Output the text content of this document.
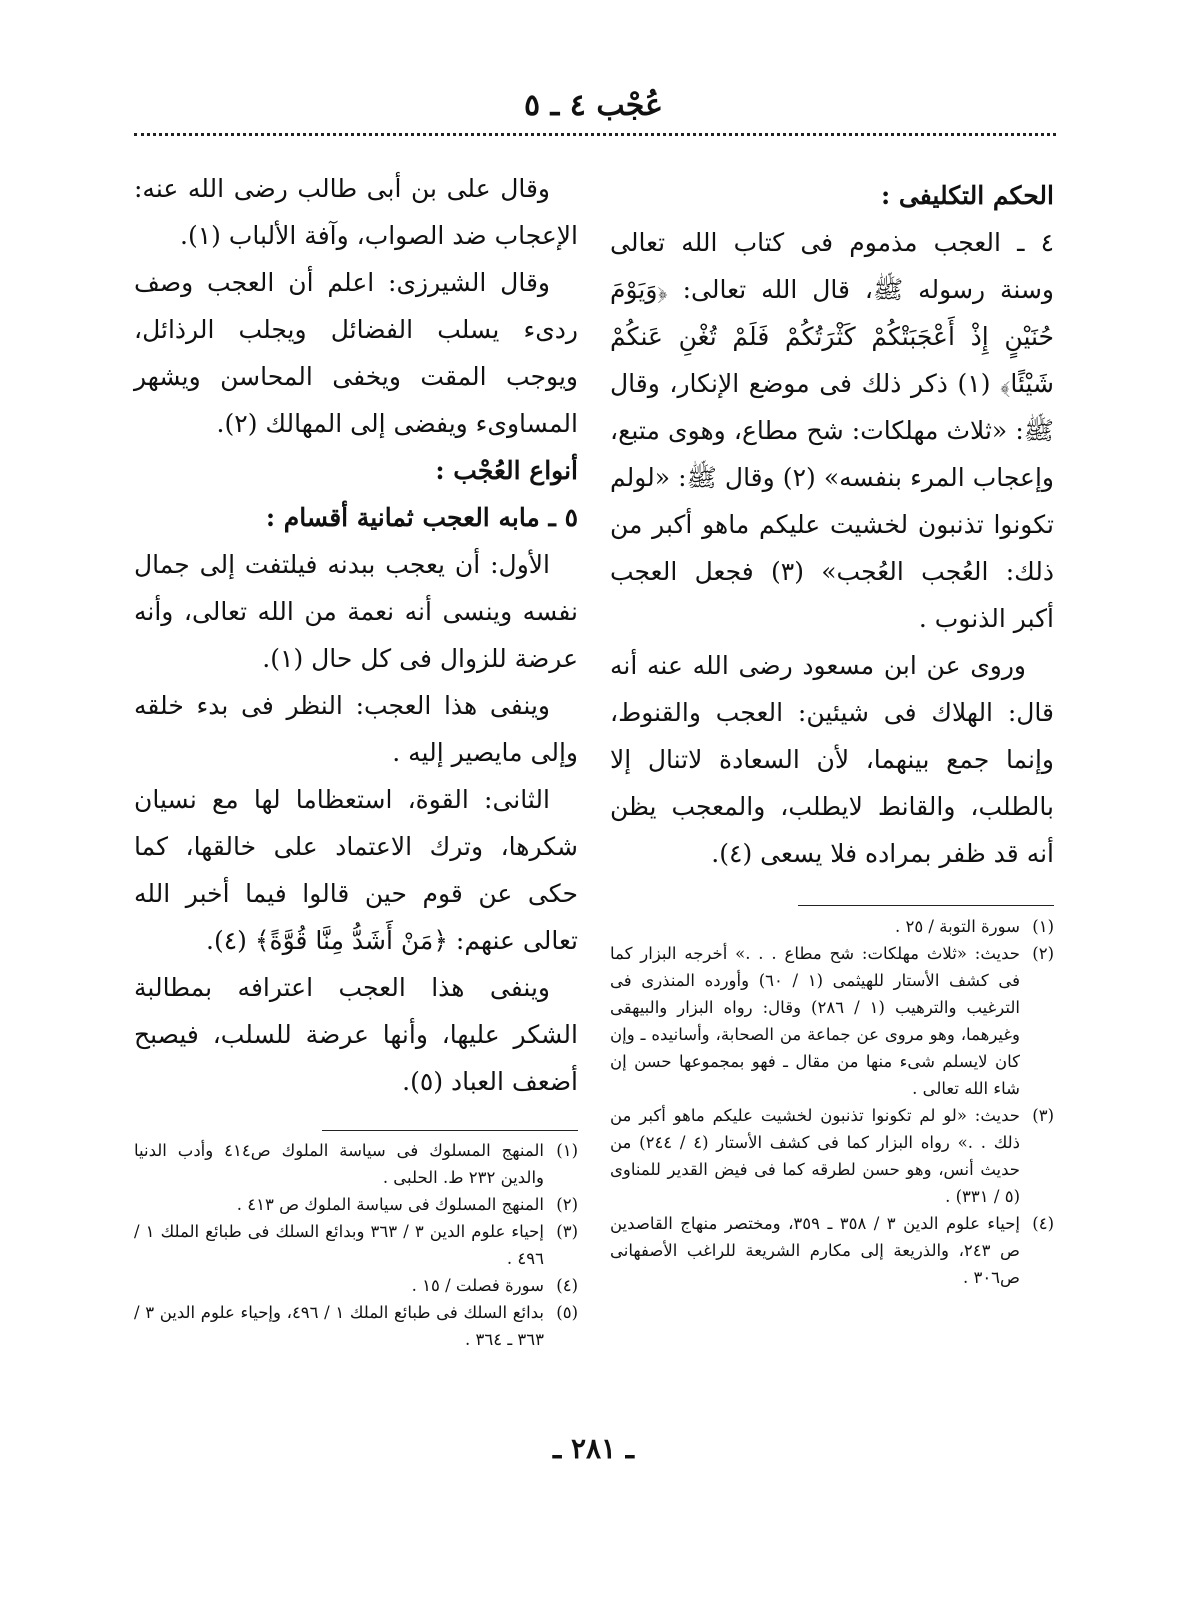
عُجْب ٤ ـ ٥

الحكم التكليفى :

٤ ـ العجب مذموم فى كتاب الله تعالى وسنة رسوله ﷺ، قال الله تعالى: ﴿وَيَوْمَ حُنَيْنٍ إِذْ أَعْجَبَتْكُمْ كَثْرَتُكُمْ فَلَمْ تُغْنِ عَنكُمْ شَيْئًا﴾ (١) ذكر ذلك فى موضع الإنكار، وقال ﷺ: «ثلاث مهلكات: شح مطاع، وهوى متبع، وإعجاب المرء بنفسه» (٢) وقال ﷺ: «لولم تكونوا تذنبون لخشيت عليكم ماهو أكبر من ذلك: العُجب العُجب» (٣) فجعل العجب أكبر الذنوب .

وروى عن ابن مسعود رضى الله عنه أنه قال: الهلاك فى شيئين: العجب والقنوط، وإنما جمع بينهما، لأن السعادة لاتنال إلا بالطلب، والقانط لايطلب، والمعجب يظن أنه قد ظفر بمراده فلا يسعى (٤).

(١)
سورة التوبة / ٢٥ .
(٢)
حديث: «ثلاث مهلكات: شح مطاع . . .» أخرجه البزار كما فى كشف الأستار للهيثمى (١ / ٦٠) وأورده المنذرى فى الترغيب والترهيب (١ / ٢٨٦) وقال: رواه البزار والبيهقى وغيرهما، وهو مروى عن جماعة من الصحابة، وأسانيده ـ وإن كان لايسلم شىء منها من مقال ـ فهو بمجموعها حسن إن شاء الله تعالى .
(٣)
حديث: «لو لم تكونوا تذنبون لخشيت عليكم ماهو أكبر من ذلك . .» رواه البزار كما فى كشف الأستار (٤ / ٢٤٤) من حديث أنس، وهو حسن لطرقه كما فى فيض القدير للمناوى (٥ / ٣٣١) .
(٤)
إحياء علوم الدين ٣ / ٣٥٨ ـ ٣٥٩، ومختصر منهاج القاصدين ص ٢٤٣، والذريعة إلى مكارم الشريعة للراغب الأصفهانى ص٣٠٦ .

وقال على بن أبى طالب رضى الله عنه: الإعجاب ضد الصواب، وآفة الألباب (١).

وقال الشيرزى: اعلم أن العجب وصف ردىء يسلب الفضائل ويجلب الرذائل، ويوجب المقت ويخفى المحاسن ويشهر المساوىء ويفضى إلى المهالك (٢).

أنواع العُجْب :

٥ ـ مابه العجب ثمانية أقسام :

الأول: أن يعجب ببدنه فيلتفت إلى جمال نفسه وينسى أنه نعمة من الله تعالى، وأنه عرضة للزوال فى كل حال (١).

وينفى هذا العجب: النظر فى بدء خلقه وإلى مايصير إليه .

الثانى: القوة، استعظاما لها مع نسيان شكرها، وترك الاعتماد على خالقها، كما حكى عن قوم حين قالوا فيما أخبر الله تعالى عنهم: ﴿مَنْ أَشَدُّ مِنَّا قُوَّةً﴾ (٤).

وينفى هذا العجب اعترافه بمطالبة الشكر عليها، وأنها عرضة للسلب، فيصبح أضعف العباد (٥).

(١)
المنهج المسلوك فى سياسة الملوك ص٤١٤ وأدب الدنيا والدين ٢٣٢ ط. الحلبى .
(٢)
المنهج المسلوك فى سياسة الملوك ص ٤١٣ .
(٣)
إحياء علوم الدين ٣ / ٣٦٣ وبدائع السلك فى طبائع الملك ١ / ٤٩٦ .
(٤)
سورة فصلت / ١٥ .
(٥)
بدائع السلك فى طبائع الملك ١ / ٤٩٦، وإحياء علوم الدين ٣ / ٣٦٣ ـ ٣٦٤ .
ـ ٢٨١ ـ
